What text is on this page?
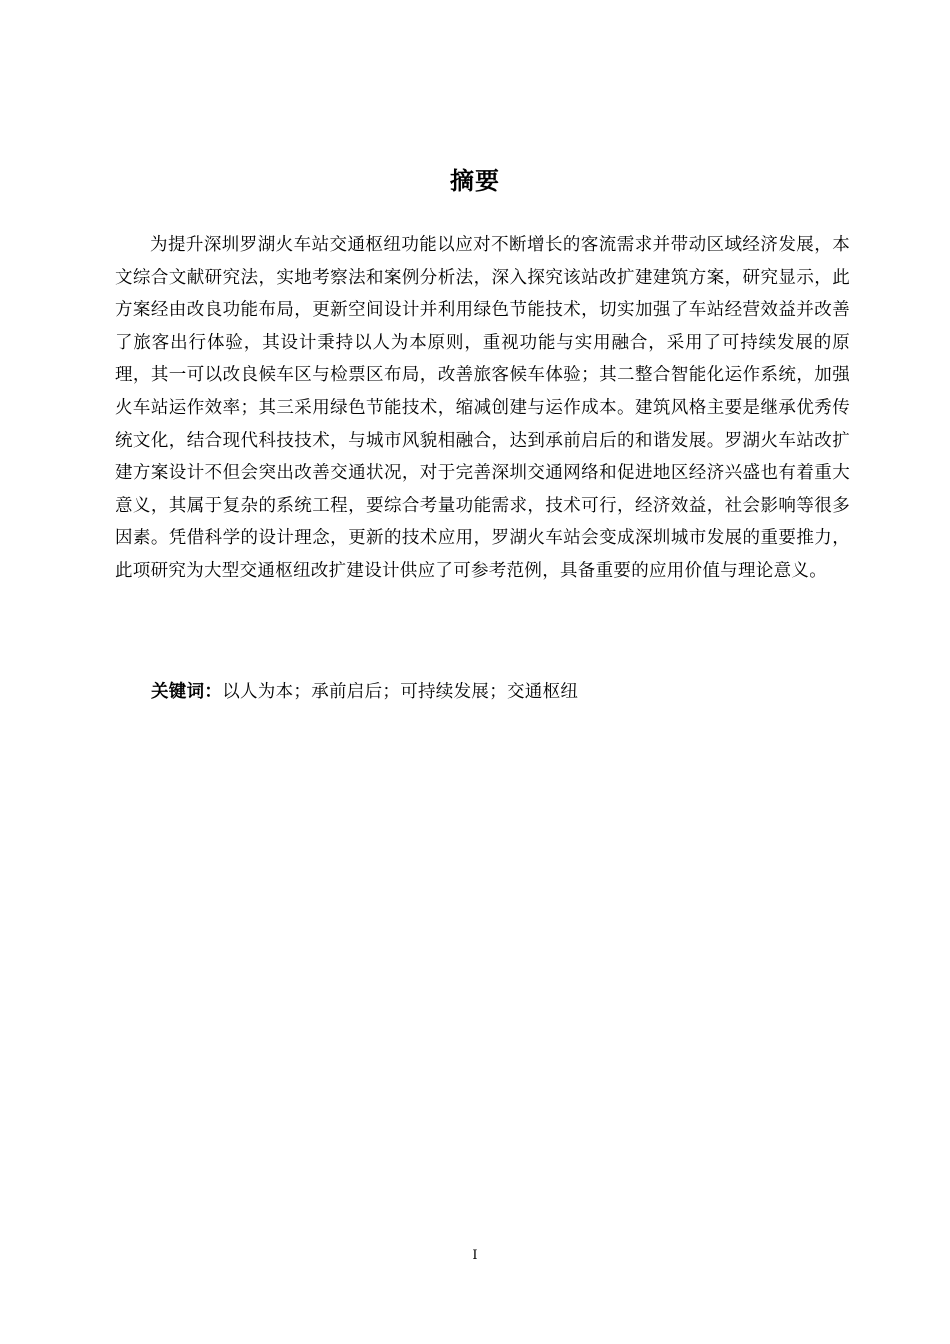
摘要

为提升深圳罗湖火车站交通枢纽功能以应对不断增长的客流需求并带动区域经济发展，本文综合文献研究法，实地考察法和案例分析法，深入探究该站改扩建建筑方案，研究显示，此方案经由改良功能布局，更新空间设计并利用绿色节能技术，切实加强了车站经营效益并改善了旅客出行体验，其设计秉持以人为本原则，重视功能与实用融合，采用了可持续发展的原理，其一可以改良候车区与检票区布局，改善旅客候车体验；其二整合智能化运作系统，加强火车站运作效率；其三采用绿色节能技术，缩减创建与运作成本。建筑风格主要是继承优秀传统文化，结合现代科技技术，与城市风貌相融合，达到承前启后的和谐发展。罗湖火车站改扩建方案设计不但会突出改善交通状况，对于完善深圳交通网络和促进地区经济兴盛也有着重大意义，其属于复杂的系统工程，要综合考量功能需求，技术可行，经济效益，社会影响等很多因素。凭借科学的设计理念，更新的技术应用，罗湖火车站会变成深圳城市发展的重要推力，此项研究为大型交通枢纽改扩建设计供应了可参考范例，具备重要的应用价值与理论意义。

关键词：以人为本；承前启后；可持续发展；交通枢纽
I
